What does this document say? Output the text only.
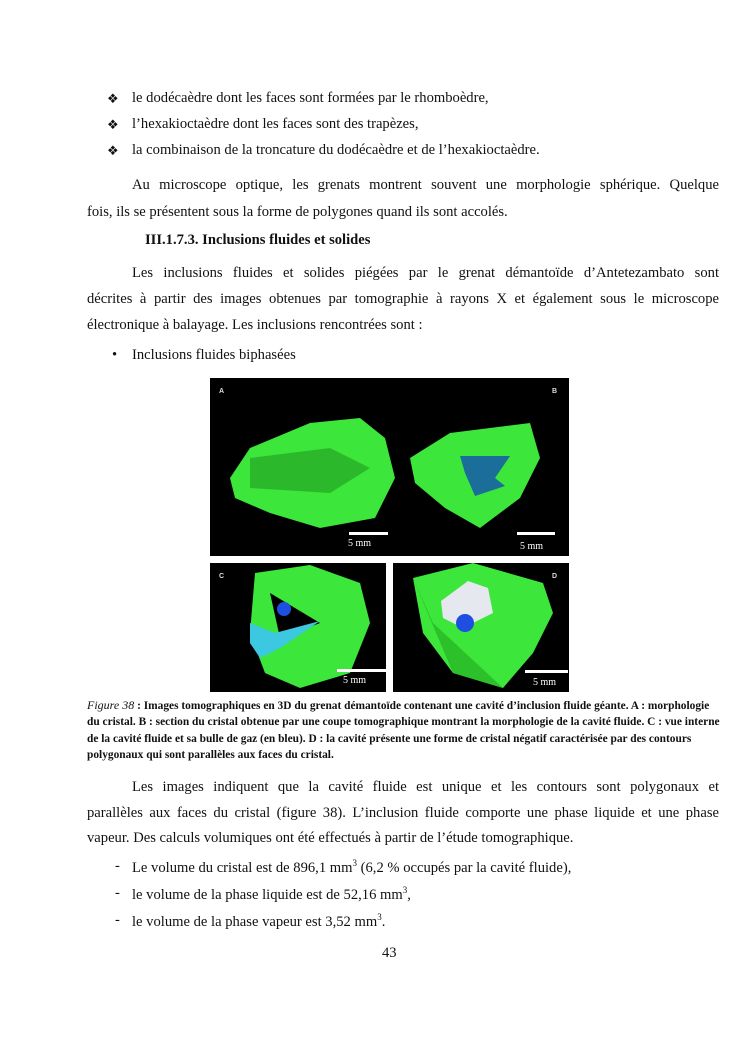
❖ le dodécaèdre dont les faces sont formées par le rhomboèdre,
❖ l’hexakioctaèdre dont les faces sont des trapèzes,
❖ la combinaison de la troncature du dodécaèdre et de l’hexakioctaèdre.
Au microscope optique, les grenats montrent souvent une morphologie sphérique. Quelque
fois, ils se présentent sous la forme de polygones quand ils sont accolés.
III.1.7.3. Inclusions fluides et solides
Les inclusions fluides et solides piégées par le grenat démantoïde d’Antetezambato sont
décrites à partir des images obtenues par tomographie à rayons X et également sous le microscope
électronique à balayage. Les inclusions rencontrées sont :
• Inclusions fluides biphasées
A	B
5 mm	5 mm
C
5 mm
D
5 mm
Figure 38 : Images tomographiques en 3D du grenat démantoïde contenant une cavité d’inclusion fluide géante. A : morphologie du cristal. B : section du cristal obtenue par une coupe tomographique montrant la morphologie de la cavité fluide. C : vue interne de la cavité fluide et sa bulle de gaz (en bleu). D : la cavité présente une forme de cristal négatif caractérisée par des contours polygonaux qui sont parallèles aux faces du cristal.
Les images indiquent que la cavité fluide est unique et les contours sont polygonaux et
parallèles aux faces du cristal (figure 38). L’inclusion fluide comporte une phase liquide et une phase
vapeur. Des calculs volumiques ont été effectués à partir de l’étude tomographique.
- Le volume du cristal est de 896,1 $mm^3$ (6,2 % occupés par la cavité fluide),
- le volume de la phase liquide est de 52,16 $mm^3$,
- le volume de la phase vapeur est 3,52 $mm^3$.
43
